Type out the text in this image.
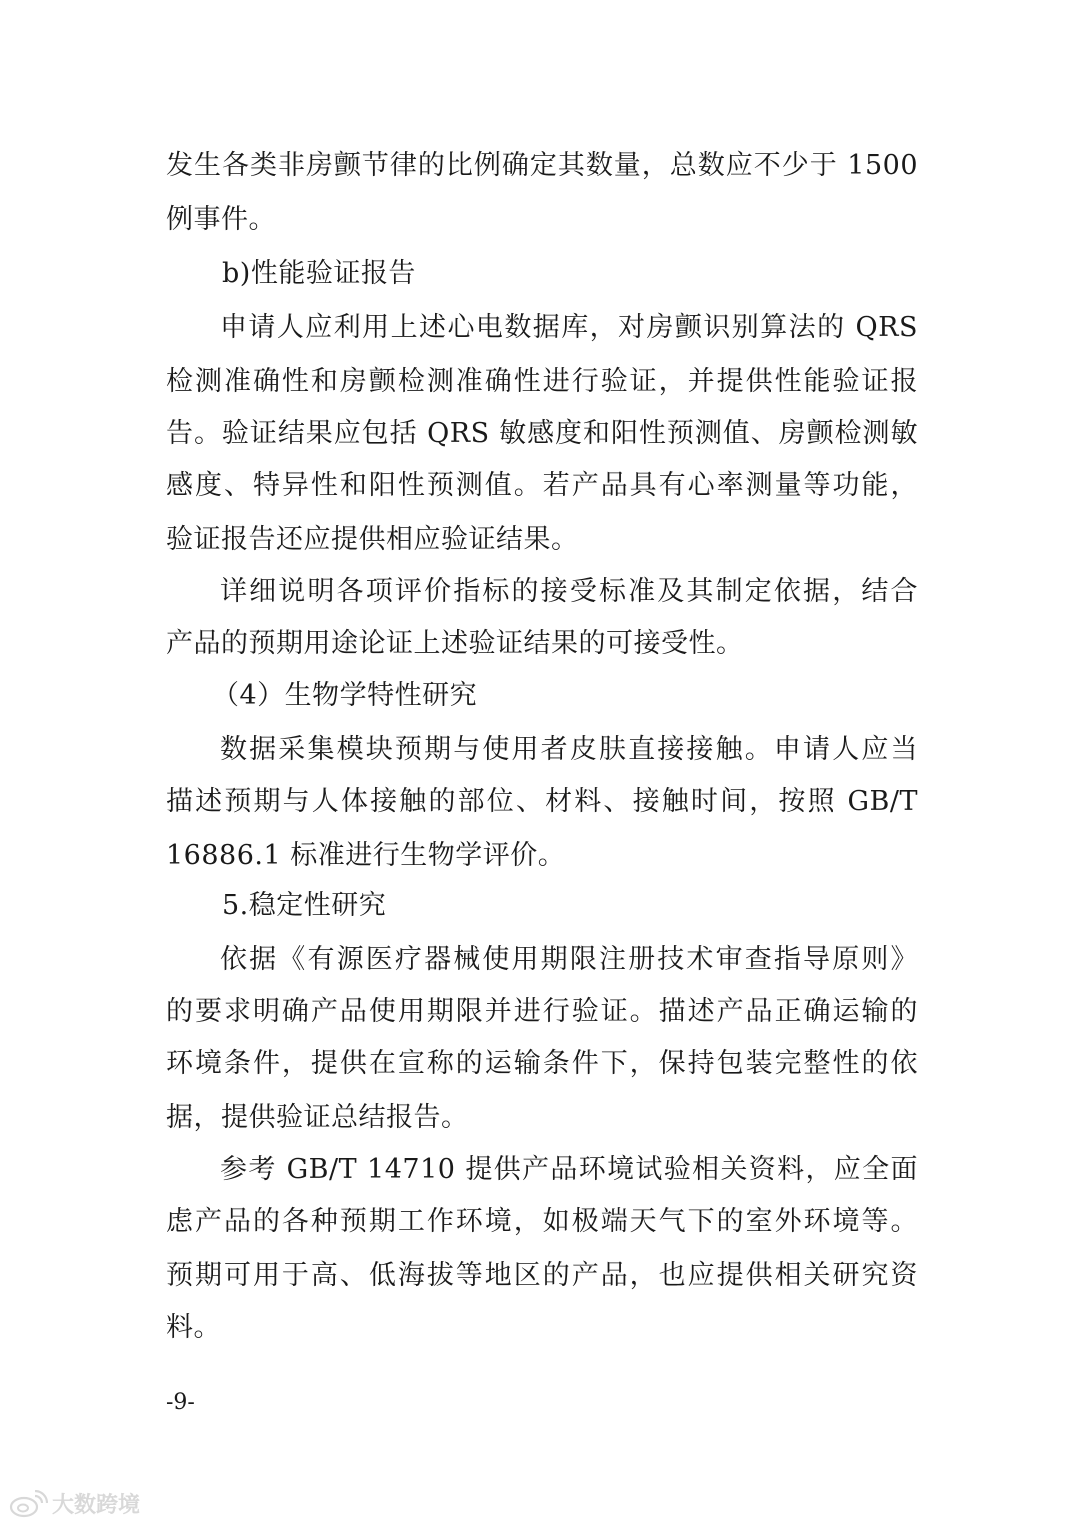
发生各类非房颤节律的比例确定其数量，总数应不少于 1500
例事件。
b)性能验证报告
申请人应利用上述心电数据库，对房颤识别算法的 QRS
检测准确性和房颤检测准确性进行验证，并提供性能验证报
告。验证结果应包括 QRS 敏感度和阳性预测值、房颤检测敏
感度、特异性和阳性预测值。若产品具有心率测量等功能，
验证报告还应提供相应验证结果。
详细说明各项评价指标的接受标准及其制定依据，结合
产品的预期用途论证上述验证结果的可接受性。
（4）生物学特性研究
数据采集模块预期与使用者皮肤直接接触。申请人应当
描述预期与人体接触的部位、材料、接触时间，按照 GB/T
16886.1 标准进行生物学评价。
5.稳定性研究
依据《有源医疗器械使用期限注册技术审查指导原则》
的要求明确产品使用期限并进行验证。描述产品正确运输的
环境条件，提供在宣称的运输条件下，保持包装完整性的依
据，提供验证总结报告。
参考 GB/T 14710 提供产品环境试验相关资料，应全面
虑产品的各种预期工作环境，如极端天气下的室外环境等。
预期可用于高、低海拔等地区的产品，也应提供相关研究资
料。
-9-
大数跨境
